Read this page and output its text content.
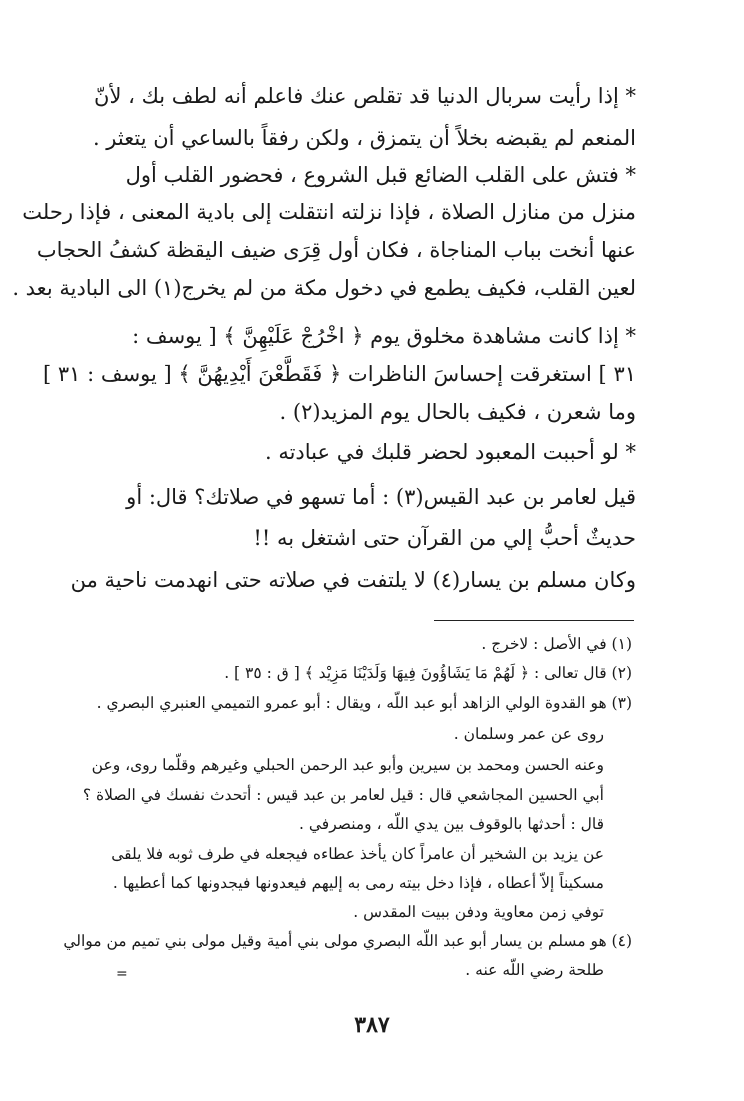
* إذا رأيت سربال الدنيا قد تقلص عنك فاعلم أنه لطف بك ، لأنّ
المنعم لم يقبضه بخلاً أن يتمزق ، ولكن رفقاً بالساعي أن يتعثر .
* فتش على القلب الضائع قبل الشروع ، فحضور القلب أول
منزل من منازل الصلاة ، فإذا نزلته انتقلت إلى بادية المعنى ، فإذا رحلت
عنها أنخت بباب المناجاة ، فكان أول قِرَى ضيف اليقظة كشفُ الحجاب
لعين القلب، فكيف يطمع في دخول مكة من لم يخرج(١) الى البادية بعد .
* إذا كانت مشاهدة مخلوق يوم ﴿ اخْرُجْ عَلَيْهِنَّ ﴾ [ يوسف :
٣١ ] استغرقت إحساسَ الناظرات ﴿ فَقَطَّعْنَ أَيْدِيهُنَّ ﴾ [ يوسف : ٣١ ]
وما شعرن ، فكيف بالحال يوم المزيد(٢) .
* لو أحببت المعبود لحضر قلبك في عبادته .
قيل لعامر بن عبد القيس(٣) : أما تسهو في صلاتك؟ قال: أو
حديثٌ أحبُّ إلي من القرآن حتى اشتغل به !!
وكان مسلم بن يسار(٤) لا يلتفت في صلاته حتى انهدمت ناحية من
(١) في الأصل : لاخرج .
(٢) قال تعالى : ﴿ لَهُمْ مَا يَشَاؤُونَ فِيهَا وَلَدَيْنَا مَزِيْد ﴾ [ ق : ٣٥ ] .
(٣) هو القدوة الولي الزاهد أبو عبد اللّه ، ويقال : أبو عمرو التميمي العنبري البصري .
روى عن عمر وسلمان .
وعنه الحسن ومحمد بن سيرين وأبو عبد الرحمن الحبلي وغيرهم وقلّما روى، وعن
أبي الحسين المجاشعي قال : قيل لعامر بن عبد قيس : أتحدث نفسك في الصلاة ؟
قال : أحدثها بالوقوف بين يدي اللّه ، ومنصرفي .
عن يزيد بن الشخير أن عامراً كان يأخذ عطاءه فيجعله في طرف ثوبه فلا يلقى
مسكيناً إلاّ أعطاه ، فإذا دخل بيته رمى به إليهم فيعدونها فيجدونها كما أعطيها .
توفي زمن معاوية ودفن ببيت المقدس .
(٤) هو مسلم بن يسار أبو عبد اللّه البصري مولى بني أمية وقيل مولى بني تميم من موالي
طلحة رضي اللّه عنه .
=
٣٨٧
